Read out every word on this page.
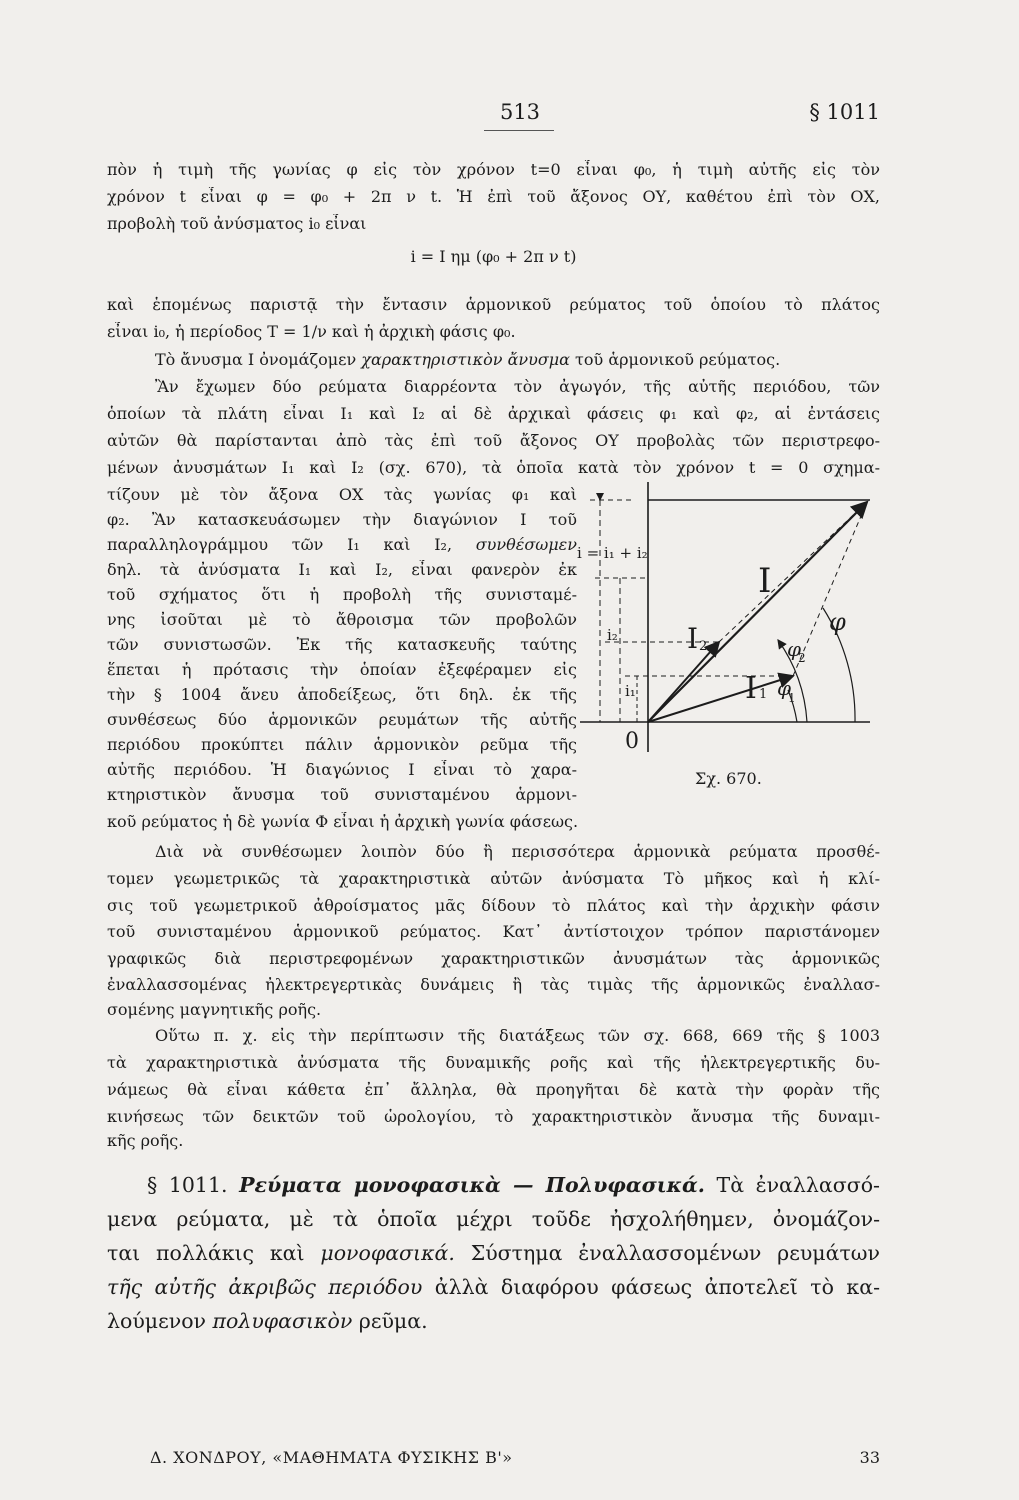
513	§ 1011
πὸν ἡ τιμὴ τῆς γωνίας φ εἰς τὸν χρόνον t=0 εἶναι φ₀, ἡ τιμὴ αὐτῆς εἰς τὸν
χρόνον t εἶναι φ = φ₀ + 2π ν t. Ἡ ἐπὶ τοῦ ἄξονος ΟΥ, καθέτου ἐπὶ τὸν ΟΧ,
προβολὴ τοῦ ἀνύσματος i₀ εἶναι
i = I ημ (φ₀ + 2π ν t)
καὶ ἑπομένως παριστᾷ τὴν ἔντασιν ἁρμονικοῦ ρεύματος τοῦ ὁποίου τὸ πλάτος
εἶναι i₀, ἡ περίοδος Τ = 1/ν καὶ ἡ ἀρχικὴ φάσις φ₀.
Τὸ ἄνυσμα Ι ὀνομάζομεν χαρακτηριστικὸν ἄνυσμα τοῦ ἁρμονικοῦ ρεύματος.
Ἂν ἔχωμεν δύο ρεύματα διαρρέοντα τὸν ἀγωγόν, τῆς αὐτῆς περιόδου, τῶν
ὁποίων τὰ πλάτη εἶναι Ι₁ καὶ Ι₂ αἱ δὲ ἀρχικαὶ φάσεις φ₁ καὶ φ₂, αἱ ἐντάσεις
αὐτῶν θὰ παρίστανται ἀπὸ τὰς ἐπὶ τοῦ ἄξονος ΟΥ προβολὰς τῶν περιστρεφο-
μένων ἀνυσμάτων Ι₁ καὶ Ι₂ (σχ. 670), τὰ ὁποῖα κατὰ τὸν χρόνον t = 0 σχημα-
τίζουν μὲ τὸν ἄξονα ΟΧ τὰς γωνίας φ₁ καὶ
φ₂. Ἂν κατασκευάσωμεν τὴν διαγώνιον Ι τοῦ
παραλληλογράμμου τῶν Ι₁ καὶ Ι₂, συνθέσωμεν
δηλ. τὰ ἀνύσματα Ι₁ καὶ Ι₂, εἶναι φανερὸν ἐκ
τοῦ σχήματος ὅτι ἡ προβολὴ τῆς συνισταμέ-
νης ἰσοῦται μὲ τὸ ἄθροισμα τῶν προβολῶν
τῶν συνιστωσῶν. Ἐκ τῆς κατασκευῆς ταύτης
ἕπεται ἡ πρότασις τὴν ὁποίαν ἐξεφέραμεν εἰς
τὴν § 1004 ἄνευ ἀποδείξεως, ὅτι δηλ. ἐκ τῆς
συνθέσεως δύο ἁρμονικῶν ρευμάτων τῆς αὐτῆς
περιόδου προκύπτει πάλιν ἁρμονικὸν ρεῦμα τῆς
αὐτῆς περιόδου. Ἡ διαγώνιος Ι εἶναι τὸ χαρα-
κτηριστικὸν ἄνυσμα τοῦ συνισταμένου ἁρμονι-
κοῦ ρεύματος ἡ δὲ γωνία Φ εἶναι ἡ ἀρχικὴ γωνία φάσεως.
Διὰ νὰ συνθέσωμεν λοιπὸν δύο ἢ περισσότερα ἁρμονικὰ ρεύματα προσθέ-
τομεν γεωμετρικῶς τὰ χαρακτηριστικὰ αὐτῶν ἀνύσματα Τὸ μῆκος καὶ ἡ κλί-
σις τοῦ γεωμετρικοῦ ἀθροίσματος μᾶς δίδουν τὸ πλάτος καὶ τὴν ἀρχικὴν φάσιν
τοῦ συνισταμένου ἁρμονικοῦ ρεύματος. Κατ᾽ ἀντίστοιχον τρόπον παριστάνομεν
γραφικῶς διὰ περιστρεφομένων χαρακτηριστικῶν ἀνυσμάτων τὰς ἁρμονικῶς
ἐναλλασσομένας ἠλεκτρεγερτικὰς δυνάμεις ἢ τὰς τιμὰς τῆς ἁρμονικῶς ἐναλλασ-
σομένης μαγνητικῆς ροῆς.
Οὕτω π. χ. εἰς τὴν περίπτωσιν τῆς διατάξεως τῶν σχ. 668, 669 τῆς § 1003
τὰ χαρακτηριστικὰ ἀνύσματα τῆς δυναμικῆς ροῆς καὶ τῆς ἠλεκτρεγερτικῆς δυ-
νάμεως θὰ εἶναι κάθετα ἐπ᾽ ἄλληλα, θὰ προηγῆται δὲ κατὰ τὴν φορὰν τῆς
κινήσεως τῶν δεικτῶν τοῦ ὡρολογίου, τὸ χαρακτηριστικὸν ἄνυσμα τῆς δυναμι-
κῆς ροῆς.
§ 1011. Ρεύματα μονοφασικὰ — Πολυφασικά. Τὰ ἐναλλασσό-
μενα ρεύματα, μὲ τὰ ὁποῖα μέχρι τοῦδε ἠσχολήθημεν, ὀνομάζον-
ται πολλάκις καὶ μονοφασικά. Σύστημα ἐναλλασσομένων ρευμάτων
τῆς αὐτῆς ἀκριβῶς περιόδου ἀλλὰ διαφόρου φάσεως ἀποτελεῖ τὸ κα-
λούμενον πολυφασικὸν ρεῦμα.
i = i₁ + i₂
i₂
i₁
I
I 2
I 1
φ
φ
2
φ
1
0
Σχ. 670.
Δ. ΧΟΝΔΡΟΥ, «ΜΑΘΗΜΑΤΑ ΦΥΣΙΚΗΣ Β'»	33
